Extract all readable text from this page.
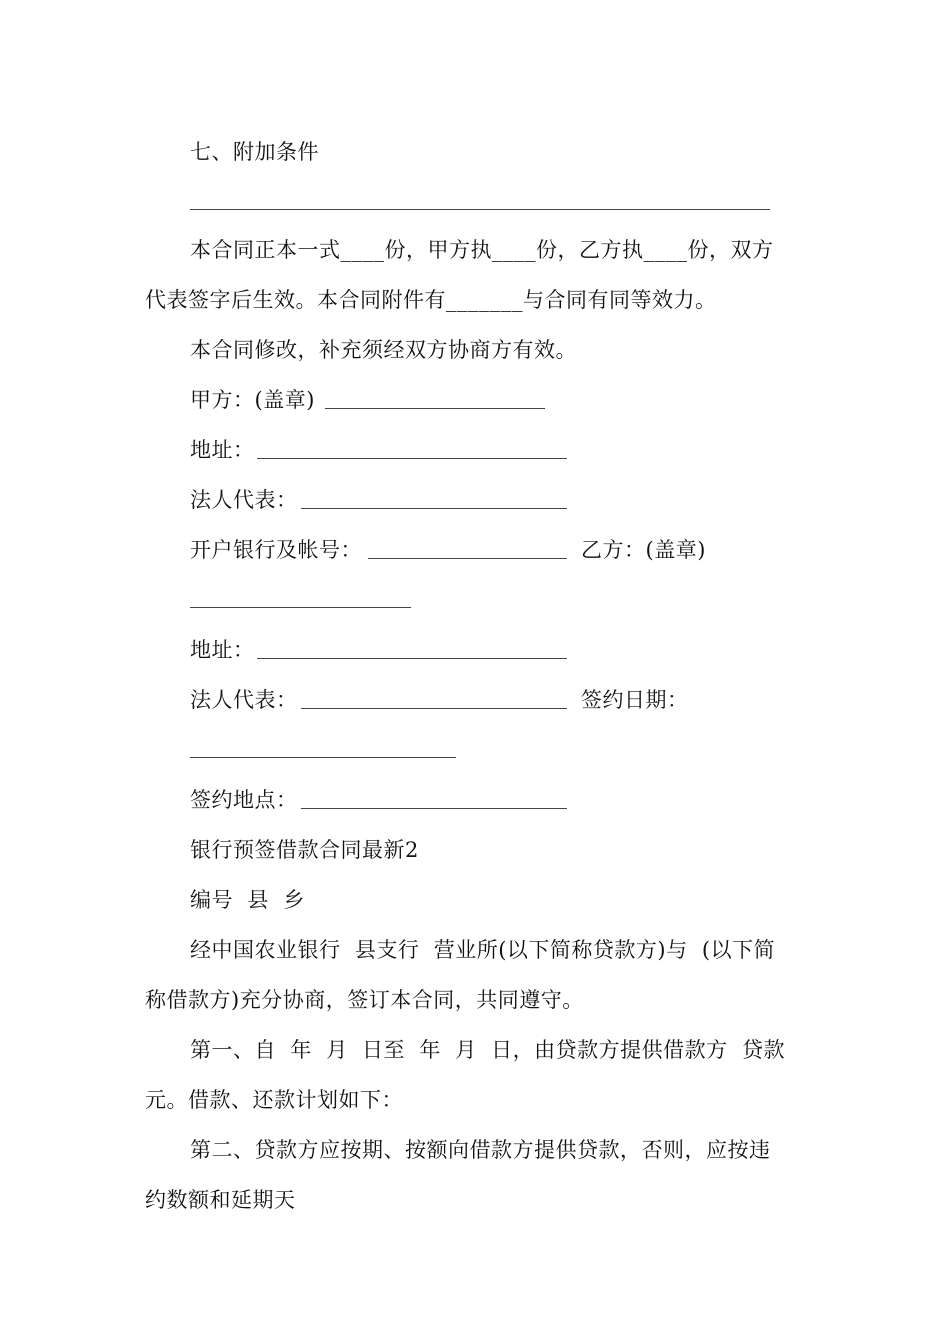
七、附加条件
本合同正本一式____份，甲方执____份，乙方执____份，双方
代表签字后生效。本合同附件有_______与合同有同等效力。
本合同修改，补充须经双方协商方有效。
甲方：(盖章)
地址：
法人代表：
开户银行及帐号：	乙方：(盖章)
地址：
法人代表：	签约日期：
签约地点：
银行预签借款合同最新2
编号  县  乡
经中国农业银行  县支行  营业所(以下简称贷款方)与  (以下简
称借款方)充分协商，签订本合同，共同遵守。
第一、自  年  月  日至  年  月  日，由贷款方提供借款方  贷款
元。借款、还款计划如下：
第二、贷款方应按期、按额向借款方提供贷款，否则，应按违
约数额和延期天
